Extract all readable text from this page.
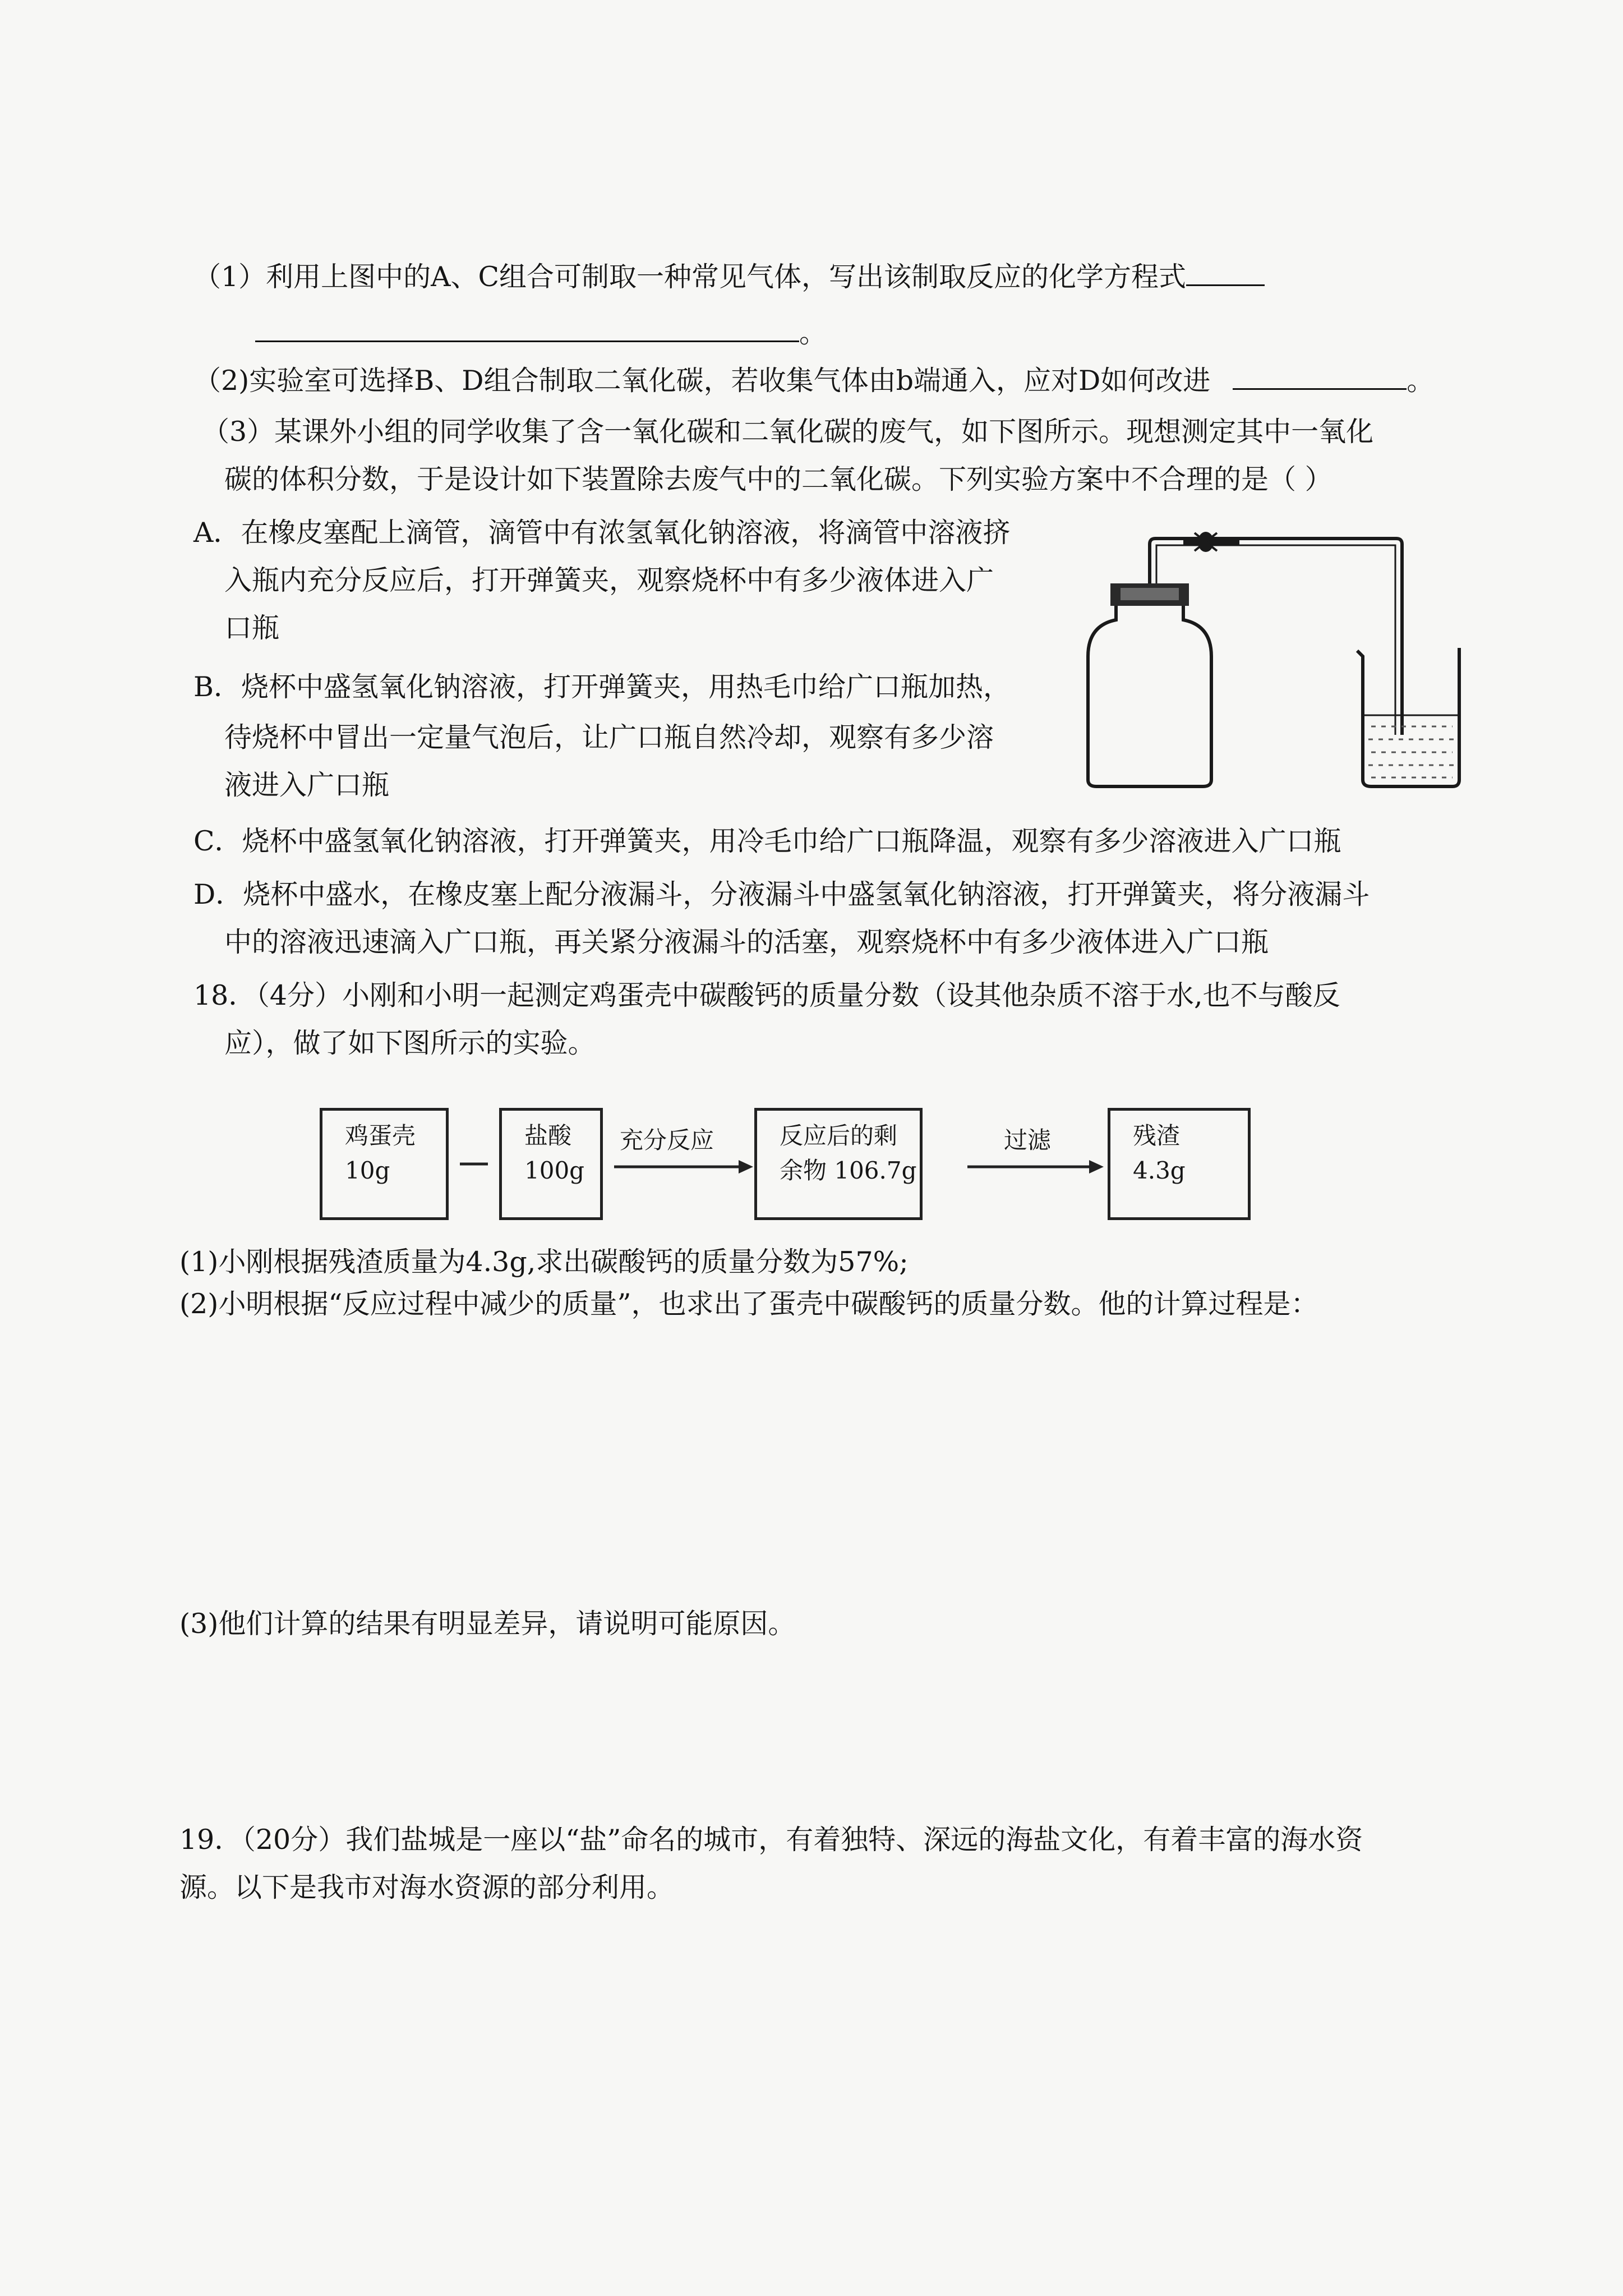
（1）利用上图中的A、C组合可制取一种常见气体，写出该制取反应的化学方程式
。
（2)实验室可选择B、D组合制取二氧化碳，若收集气体由b端通入，应对D如何改进	。
（3）某课外小组的同学收集了含一氧化碳和二氧化碳的废气，如下图所示。现想测定其中一氧化
碳的体积分数，于是设计如下装置除去废气中的二氧化碳。下列实验方案中不合理的是（ ）
A．在橡皮塞配上滴管，滴管中有浓氢氧化钠溶液，将滴管中溶液挤
入瓶内充分反应后，打开弹簧夹，观察烧杯中有多少液体进入广
口瓶
B．烧杯中盛氢氧化钠溶液，打开弹簧夹，用热毛巾给广口瓶加热，
待烧杯中冒出一定量气泡后，让广口瓶自然冷却，观察有多少溶
液进入广口瓶
C．烧杯中盛氢氧化钠溶液，打开弹簧夹，用冷毛巾给广口瓶降温，观察有多少溶液进入广口瓶
D．烧杯中盛水，在橡皮塞上配分液漏斗，分液漏斗中盛氢氧化钠溶液，打开弹簧夹，将分液漏斗
中的溶液迅速滴入广口瓶，再关紧分液漏斗的活塞，观察烧杯中有多少液体进入广口瓶
18．（4分）小刚和小明一起测定鸡蛋壳中碳酸钙的质量分数（设其他杂质不溶于水,也不与酸反
应），做了如下图所示的实验。
鸡蛋壳
10g
盐酸
100g
充分反应	反应后的剩
余物 106.7g
过滤	残渣
4.3g
(1)小刚根据残渣质量为4.3g,求出碳酸钙的质量分数为57%;
(2)小明根据“反应过程中减少的质量”，也求出了蛋壳中碳酸钙的质量分数。他的计算过程是：
(3)他们计算的结果有明显差异，请说明可能原因。
19．（20分）我们盐城是一座以“盐”命名的城市，有着独特、深远的海盐文化，有着丰富的海水资
源。以下是我市对海水资源的部分利用。
